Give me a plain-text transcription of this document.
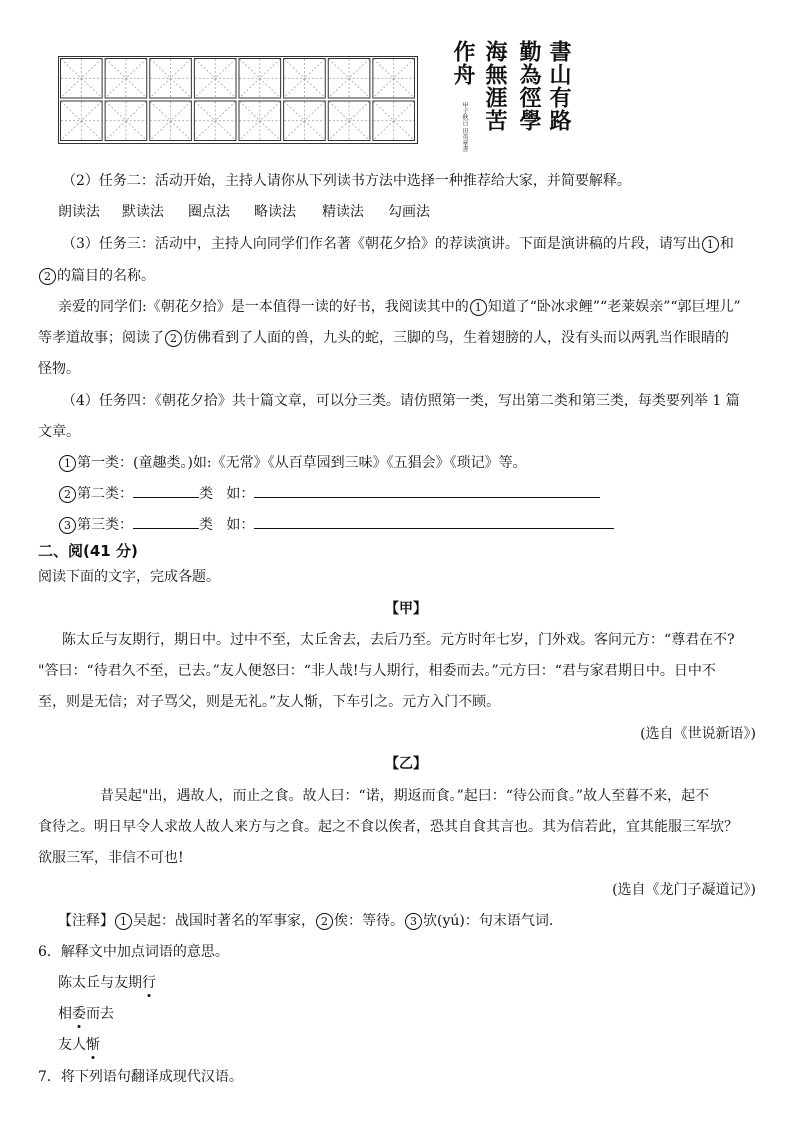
書山有路
勤為徑學
海無涯苦
作舟
甲子秋日 田英章書
（2）任务二：活动开始，主持人请你从下列读书方法中选择一种推荐给大家，并简要解释。
朗读法 默读法 圈点法 略读法 精读法 勾画法
（3）任务三：活动中，主持人向同学们作名著《朝花夕拾》的荐读演讲。下面是演讲稿的片段，请写出 1 和
2 的篇目的名称。
亲爱的同学们:《朝花夕拾》是一本值得一读的好书，我阅读其中的 1 知道了“卧冰求鲤”“老莱娱亲”“郭巨埋儿”
等孝道故事；阅读了 2 仿佛看到了人面的兽，九头的蛇，三脚的鸟，生着翅膀的人，没有头而以两乳当作眼睛的
怪物。
（4）任务四：《朝花夕拾》共十篇文章，可以分三类。请仿照第一类，写出第二类和第三类，每类要列举 1 篇
文章。
1 第一类：(童趣类。)如:《无常》《从百草园到三味》《五猖会》《琐记》等。
2 第二类：	类 如：
3 第三类：	类 如：
二、阅(41 分)
阅读下面的文字，完成各题。
【甲】
陈太丘与友期行，期日中。过中不至，太丘舍去，去后乃至。元方时年七岁，门外戏。客问元方：“尊君在不?
"答曰：“待君久不至，已去。”友人便怒曰：“非人哉!与人期行，相委而去。”元方曰：“君与家君期日中。日中不
至，则是无信；对子骂父，则是无礼。”友人惭，下车引之。元方入门不顾。
(选自《世说新语》)
【乙】
昔吴起"出，遇故人，而止之食。故人曰：“诺，期返而食。”起曰：“待公而食。”故人至暮不来，起不
食待之。明日早令人求故人故人来方与之食。起之不食以俟者，恐其自食其言也。其为信若此，宜其能服三军欤？
欲服三军，非信不可也!
(选自《龙门子凝道记》)
【注释】 1 吴起：战国时著名的军事家， 2 俟：等待。 3 欤(yú)：句末语气词.
6．解释文中加点词语的意思。
陈太丘与友期行
相委而去
友人惭
7．将下列语句翻译成现代汉语。
